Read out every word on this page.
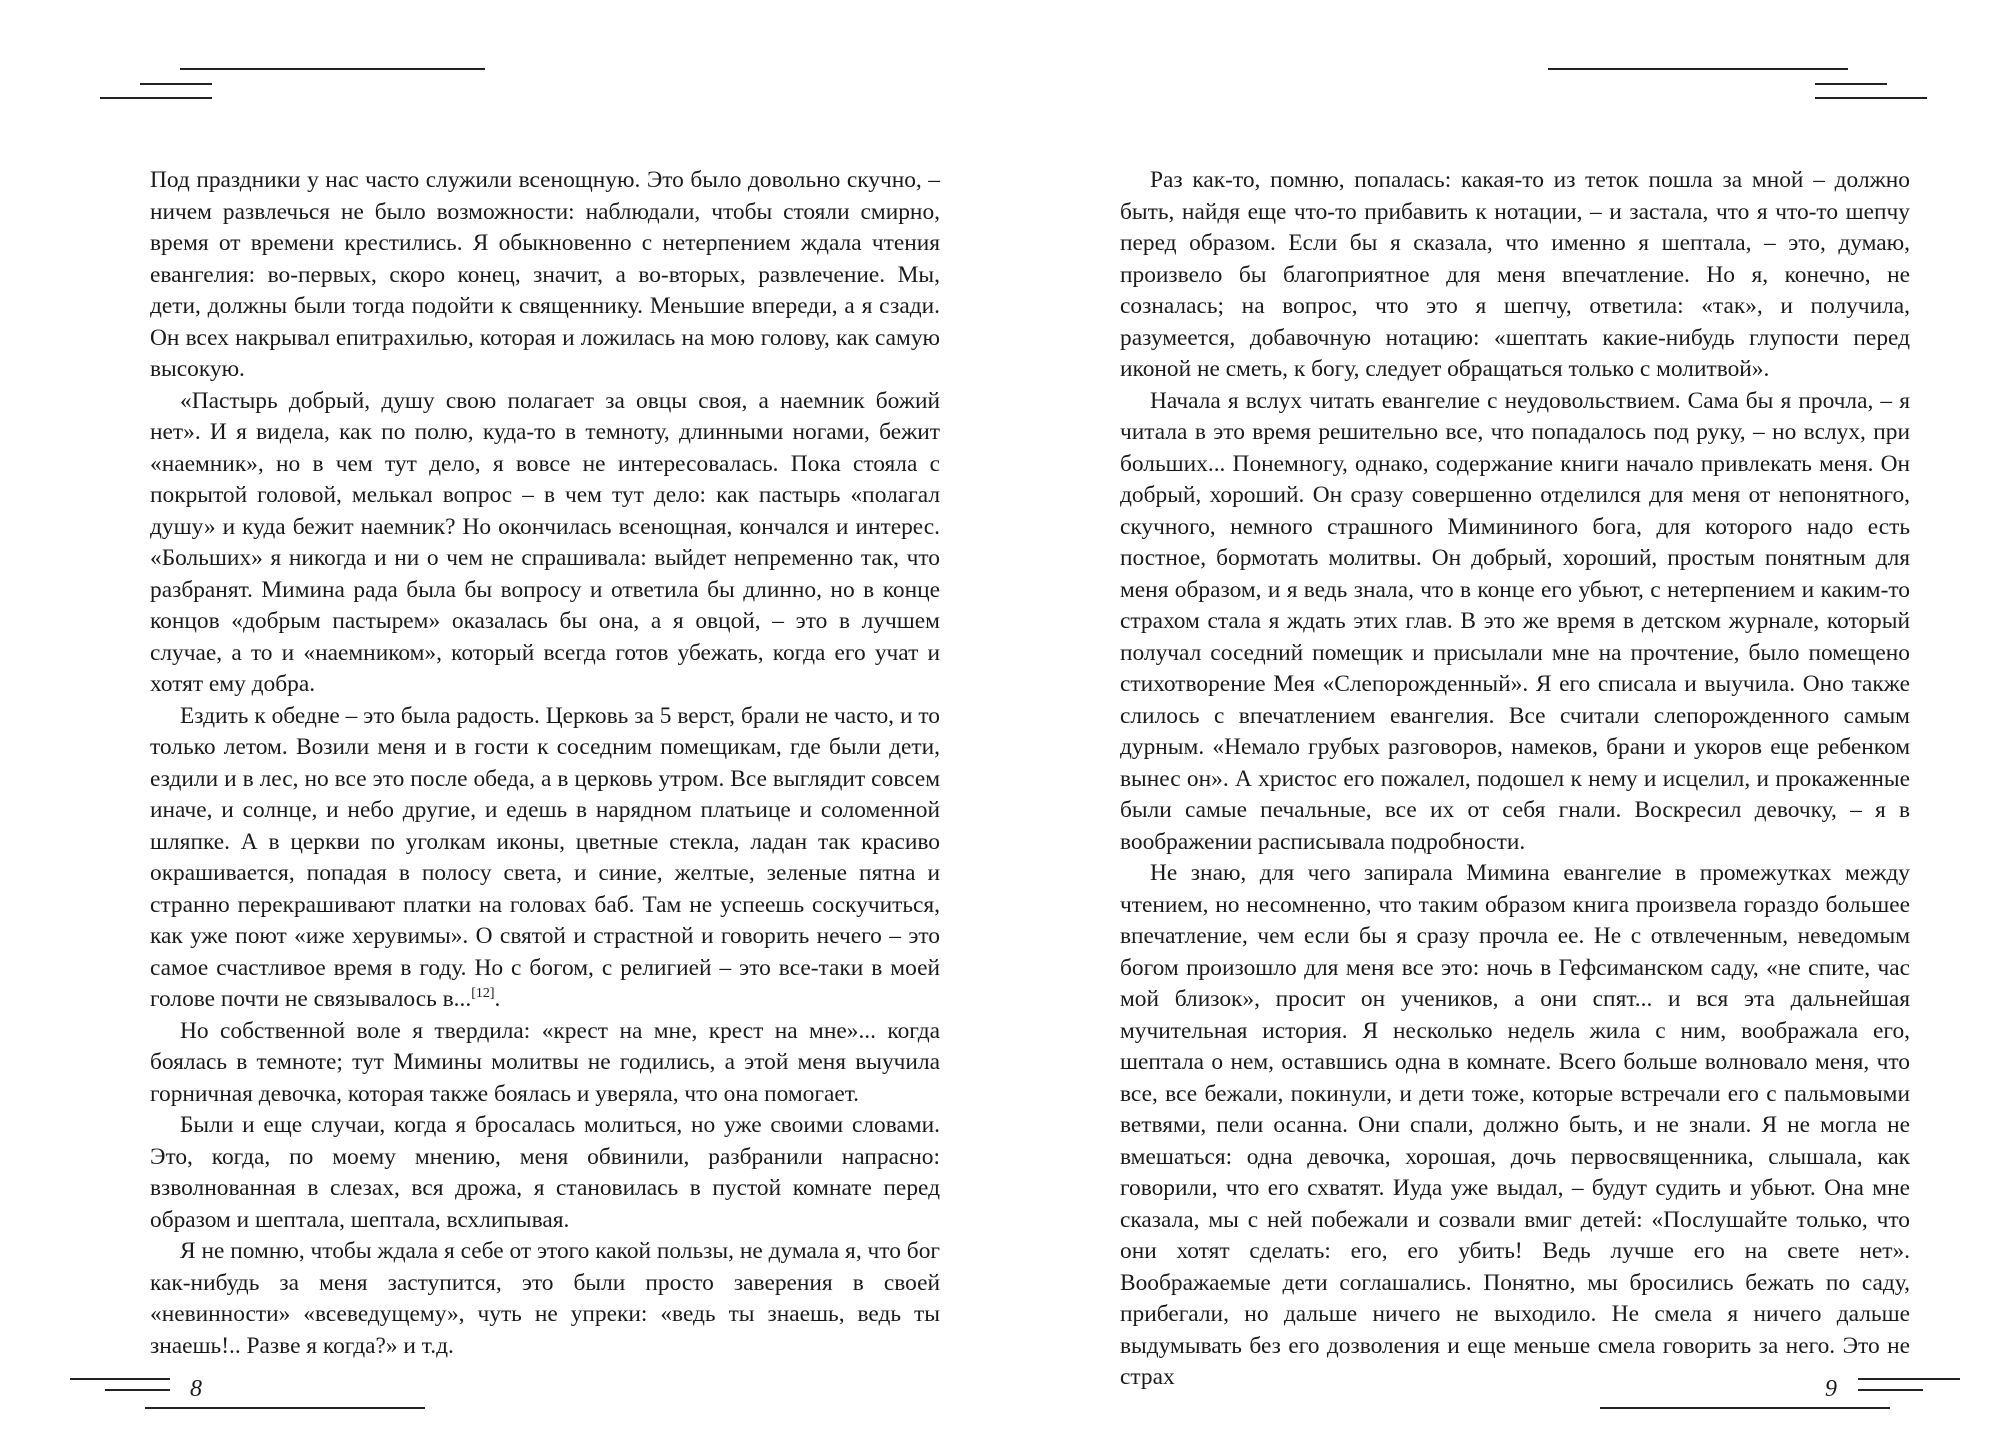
Под праздники у нас часто служили всенощную. Это было довольно скучно, – ничем развлечься не было возможности: наблюдали, чтобы стояли смирно, время от времени крестились. Я обыкновенно с нетерпением ждала чтения евангелия: во-первых, скоро конец, значит, а во-вторых, развлечение. Мы, дети, должны были тогда подойти к священнику. Меньшие впереди, а я сзади. Он всех накрывал епитрахилью, которая и ложилась на мою голову, как самую высокую.

«Пастырь добрый, душу свою полагает за овцы своя, а наемник божий нет». И я видела, как по полю, куда-то в темноту, длинными ногами, бежит «наемник», но в чем тут дело, я вовсе не интересовалась. Пока стояла с покрытой головой, мелькал вопрос – в чем тут дело: как пастырь «полагал душу» и куда бежит наемник? Но окончилась всенощная, кончался и интерес. «Больших» я никогда и ни о чем не спрашивала: выйдет непременно так, что разбранят. Мимина рада была бы вопросу и ответила бы длинно, но в конце концов «добрым пастырем» оказалась бы она, а я овцой, – это в лучшем случае, а то и «наемником», который всегда готов убежать, когда его учат и хотят ему добра.

Ездить к обедне – это была радость. Церковь за 5 верст, брали не часто, и то только летом. Возили меня и в гости к соседним помещикам, где были дети, ездили и в лес, но все это после обеда, а в церковь утром. Все выглядит совсем иначе, и солнце, и небо другие, и едешь в нарядном платьице и соломенной шляпке. А в церкви по уголкам иконы, цветные стекла, ладан так красиво окрашивается, попадая в полосу света, и синие, желтые, зеленые пятна и странно перекрашивают платки на головах баб. Там не успеешь соскучиться, как уже поют «иже херувимы». О святой и страстной и говорить нечего – это самое счастливое время в году. Но с богом, с религией – это все-таки в моей голове почти не связывалось в...[12].

Но собственной воле я твердила: «крест на мне, крест на мне»... когда боялась в темноте; тут Мимины молитвы не годились, а этой меня выучила горничная девочка, которая также боялась и уверяла, что она помогает.

Были и еще случаи, когда я бросалась молиться, но уже своими словами. Это, когда, по моему мнению, меня обвинили, разбранили напрасно: взволнованная в слезах, вся дрожа, я становилась в пустой комнате перед образом и шептала, шептала, всхлипывая.

Я не помню, чтобы ждала я себе от этого какой пользы, не думала я, что бог как-нибудь за меня заступится, это были просто заверения в своей «невинности» «всеведущему», чуть не упреки: «ведь ты знаешь, ведь ты знаешь!.. Разве я когда?» и т.д.

Раз как-то, помню, попалась: какая-то из теток пошла за мной – должно быть, найдя еще что-то прибавить к нотации, – и застала, что я что-то шепчу перед образом. Если бы я сказала, что именно я шептала, – это, думаю, произвело бы благоприятное для меня впечатление. Но я, конечно, не созналась; на вопрос, что это я шепчу, ответила: «так», и получила, разумеется, добавочную нотацию: «шептать какие-нибудь глупости перед иконой не сметь, к богу, следует обращаться только с молитвой».

Начала я вслух читать евангелие с неудовольствием. Сама бы я прочла, – я читала в это время решительно все, что попадалось под руку, – но вслух, при больших... Понемногу, однако, содержание книги начало привлекать меня. Он добрый, хороший. Он сразу совершенно отделился для меня от непонятного, скучного, немного страшного Мимининого бога, для которого надо есть постное, бормотать молитвы. Он добрый, хороший, простым понятным для меня образом, и я ведь знала, что в конце его убьют, с нетерпением и каким-то страхом стала я ждать этих глав. В это же время в детском журнале, который получал соседний помещик и присылали мне на прочтение, было помещено стихотворение Мея «Слепорожденный». Я его списала и выучила. Оно также слилось с впечатлением евангелия. Все считали слепорожденного самым дурным. «Немало грубых разговоров, намеков, брани и укоров еще ребенком вынес он». А христос его пожалел, подошел к нему и исцелил, и прокаженные были самые печальные, все их от себя гнали. Воскресил девочку, – я в воображении расписывала подробности.

Не знаю, для чего запирала Мимина евангелие в промежутках между чтением, но несомненно, что таким образом книга произвела гораздо большее впечатление, чем если бы я сразу прочла ее. Не с отвлеченным, неведомым богом произошло для меня все это: ночь в Гефсиманском саду, «не спите, час мой близок», просит он учеников, а они спят... и вся эта дальнейшая мучительная история. Я несколько недель жила с ним, воображала его, шептала о нем, оставшись одна в комнате. Всего больше волновало меня, что все, все бежали, покинули, и дети тоже, которые встречали его с пальмовыми ветвями, пели осанна. Они спали, должно быть, и не знали. Я не могла не вмешаться: одна девочка, хорошая, дочь первосвященника, слышала, как говорили, что его схватят. Иуда уже выдал, – будут судить и убьют. Она мне сказала, мы с ней побежали и созвали вмиг детей: «Послушайте только, что они хотят сделать: его, его убить! Ведь лучше его на свете нет». Воображаемые дети соглашались. Понятно, мы бросились бежать по саду, прибегали, но дальше ничего не выходило. Не смела я ничего дальше выдумывать без его дозволения и еще меньше смела говорить за него. Это не страх

8	9
